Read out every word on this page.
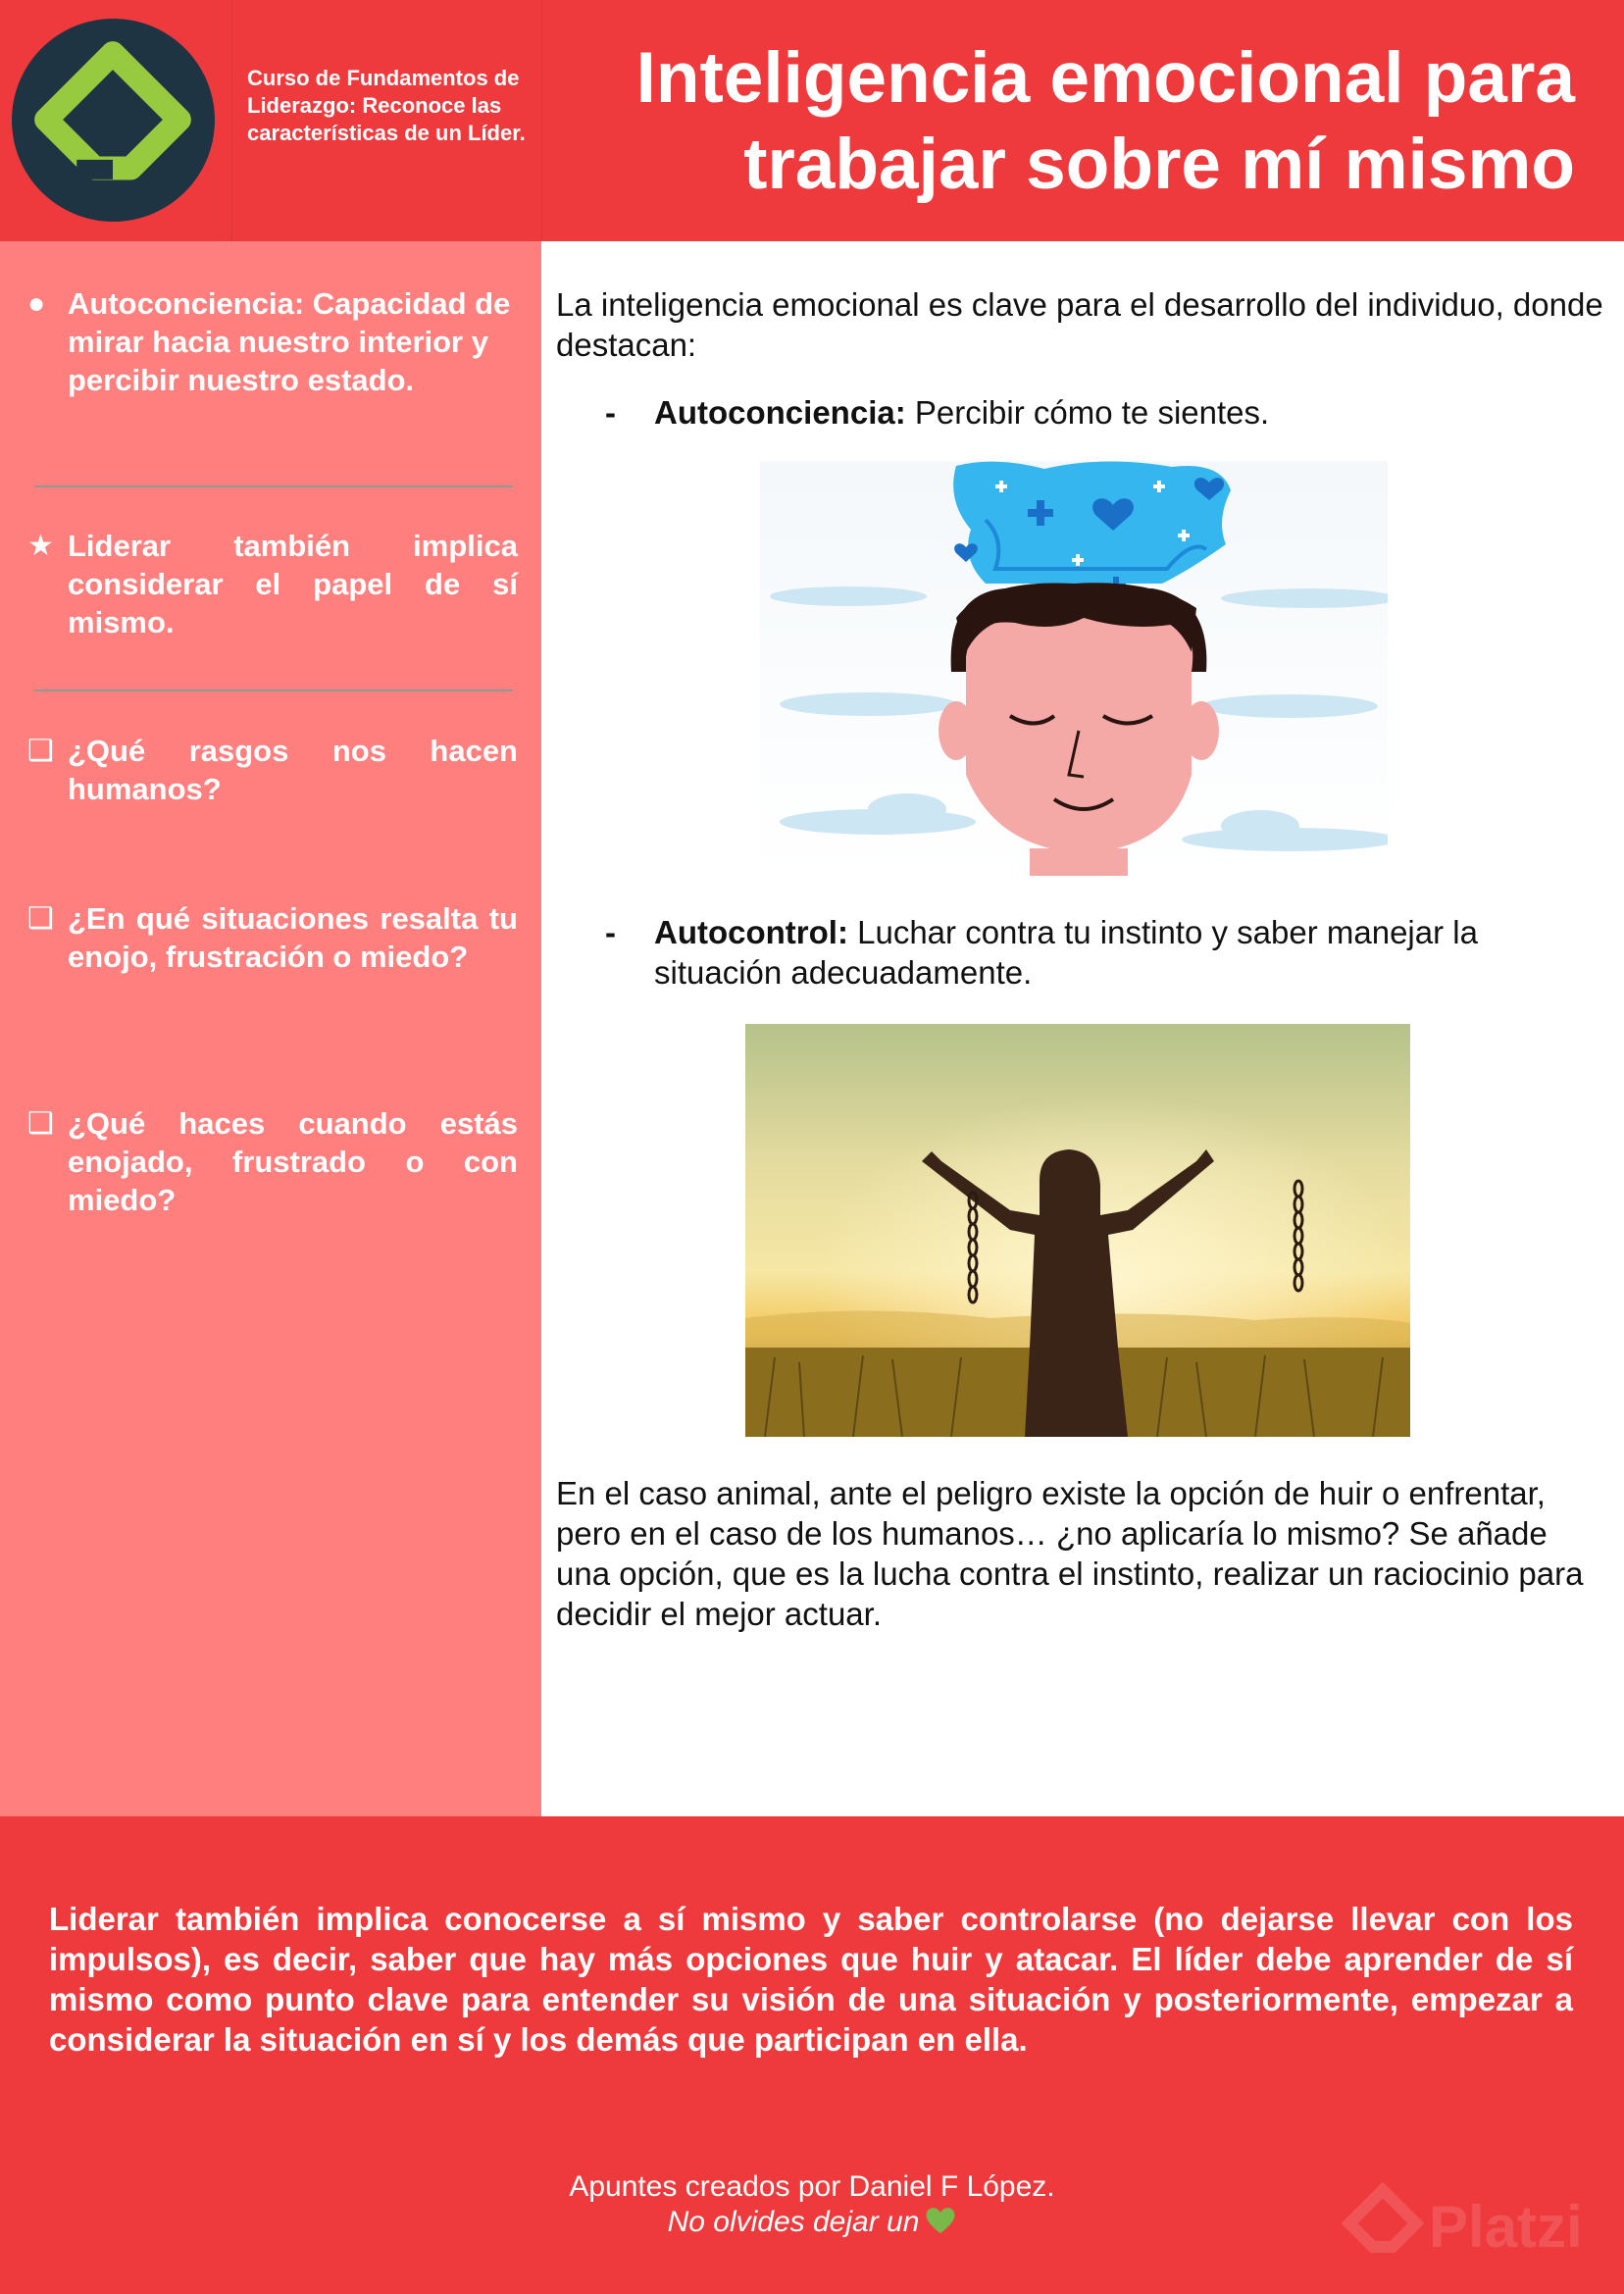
Curso de Fundamentos de Liderazgo: Reconoce las características de un Líder.
Inteligencia emocional para
trabajar sobre mí mismo
● Autoconciencia: Capacidad de mirar hacia nuestro interior y percibir nuestro estado.
★ Liderar también implica considerar el papel de sí mismo.
❑ ¿Qué rasgos nos hacen humanos?
❑ ¿En qué situaciones resalta tu enojo, frustración o miedo?
❑ ¿Qué haces cuando estás enojado, frustrado o con miedo?
La inteligencia emocional es clave para el desarrollo del individuo, donde destacan:
- Autoconciencia: Percibir cómo te sientes.
- Autocontrol: Luchar contra tu instinto y saber manejar la situación adecuadamente.
En el caso animal, ante el peligro existe la opción de huir o enfrentar, pero en el caso de los humanos… ¿no aplicaría lo mismo? Se añade una opción, que es la lucha contra el instinto, realizar un raciocinio para decidir el mejor actuar.
Liderar también implica conocerse a sí mismo y saber controlarse (no dejarse llevar con los impulsos), es decir, saber que hay más opciones que huir y atacar. El líder debe aprender de sí mismo como punto clave para entender su visión de una situación y posteriormente, empezar a considerar la situación en sí y los demás que participan en ella.
Apuntes creados por Daniel F López.
No olvides dejar un	Platzi
